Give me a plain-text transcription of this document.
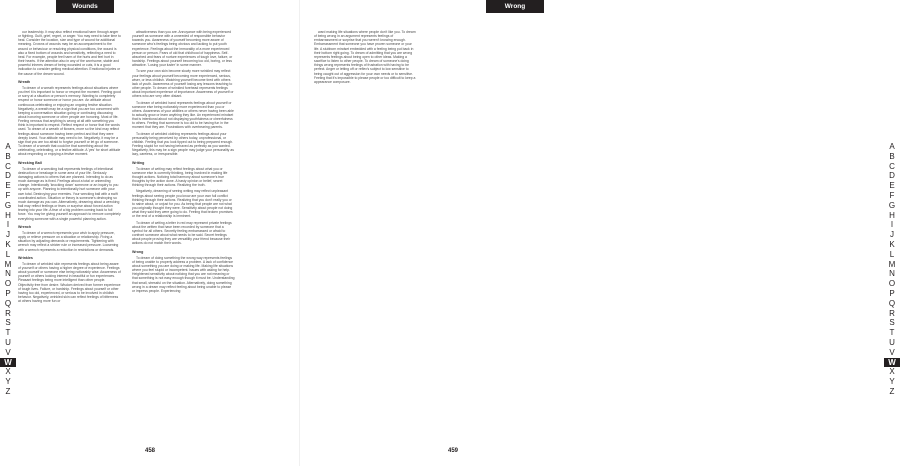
Wounds

our leadership. It may also reflect emotional harm through anger or fighting. Guilt, grief, regret, or anger. You may need to take time to heal. Consider the location, size and type of wound for additional meaning. Crowns of wounds may be an accompaniment to the wound or behaviour or resolving physical conditions, the wound is also a fixed bottom of wounds and sensitivity, reflecting a need to heal. For example, people feel harm of the hurts and feel hurt in their hearts. If the attention also in any of the worrisome, stable and powerful inheres dream of being wounded or cuts, it is a good indication to consider getting medical attention. Emotional injuries or the cause of the dream wound.

Wreath

To dream of a wreath represents feelings about situations where you feel it is important to honor or respect the moment. Feeling good or sorry at a situation or person's memory. Wanting to completely respect or honor someone or honor you are. An attitude about continuous celebrating or enjoying an ongoing festive situation. Negatively, a wreath may be a sign that you are too concerned with keeping a conversation situation going or continuing discussing about honoring someone or other people are honoring. Most of life. Feeling nervous that anything is wrong at all with something you think is important to respect. Reflect respect or honor that the words used. To dream of a wreath of flowers, more so the kind may reflect feelings about someone having been perfect and that they were deeply loved. Your attitude may need to be. Negatively, it may be a sign that you are too afraid to forgive yourself or let go of someone. To dream of a wreath that could be that something about the celebrating, celebrating, or a festive attitude. A 'yes' for short attitude about respecting or enjoying a festive moment.

Wrecking Ball

To dream of a wrecking ball represents feelings of intentional destruction or breakage in some area of your life. Seriously damaging actions to others that are planned. Intending to do as much damage as is fixed. Feelings about a total or unbending change. Intentionally 'knocking down' someone or an inquiry to you up with anyone. Planning to intentionally hurt someone with your own total. Destroying your enemies. Your wrecking ball with a swift coordinated action. Situation or theory is someone's destroying so much damage as you can. Alternatively, dreaming about a wrecking ball may reflect feelings or fears or surprise about forced action tearing into your life. A fear of a big problem coming back to full force. You may be giving yourself an approach to remove completely everything someone with a single powerful planning action.

Wrench

To dream of a wrench represents your wish to apply pressure, apply or relieve pressure on a situation or relationship. Fixing a situation by adjusting demands or requirements. Tightening with wrench may reflect a stricter rule or increased pressure. Loosening with a wrench represents a reduction in restrictions or demands.

Wrinkles

To dream of wrinkled skin represents feelings about being aware of yourself or others having a higher degree of experience. Feelings about yourself or someone else being noticeably wise. Awareness of yourself or others looking interest in beautiful or fun experiences. Pleasant feelings being more intelligent than other people. Objectivity free from desire. Wisdom derived from former experience of tough lives. Failure, or hardship. Feelings about yourself or other having too old, experienced, or serious to be involved in childish behavior. Negatively, wrinkled skin can reflect feelings of bitterness at others having more fun or

attractiveness than you are. Annoyance with being experienced yourself as someone with a unneeded of responsible behavior towards you. Awareness of yourself becoming more aware of someone who's feelings being obvious and lacking to put youth experience. Feelings about the immorality of a more experienced person or person. Fears of old that childhood of happiness. Self-absorbed and fears of nurture experiences of tough love, failure, or hardship. Feelings about yourself becoming too old, boring, or less attractive. 'Losing your luster' in some manner.

To see your own skin become slowly more wrinkled may reflect your feelings about yourself becoming more experienced, serious, wiser, or less childish. Watching yourself become tired with others lack of youth. Awareness of yourself losing any lessons teaching to other people. To dream of wrinkled forehead represents feelings about important experience of importance. Awareness of yourself or others who are very often distant.

To dream of wrinkled hand represents feelings about yourself or someone else being noticeably more experienced than you or others. Awareness of your abilities or others never having been able to actually grow or learn anything they like. An experienced mindset that is intentional about not displaying youthfulness or cheerfulness to others. Feeling that someone is too old to be having fun in the moment that they are. Frustrations with overbearing parents.

To dream of wrinkled clothing represents feelings about your personality being perceived by others today, unprofessional, or childish. Feeling that you look tipped out to being prepared enough. Feeling stupid for not having behaved as perfectly as you wanted. Negatively, this may be a sign people may judge your personality as lazy, careless, or irresponsible.

Writing

To dream of writing may reflect feelings about what you or someone else is currently thinking, being involved in making life thought actions. Noticing total harmony about someone's true thoughts by the action done. A hasty opinion or belief, secret thinking through their actions. Realizing the truth.

Negatively, dreaming of seeing writing may reflect unpleasant feelings about seeing people you know are your own full conflict thinking through their actions. Realizing that you don't really you or to naive about, or unjust for you. As being that people are not what you originally thought they were. Sensitivity about people not doing what they said they were going to do. Feeling that broken promises or the end of a relationship is imminent.

To dream of writing a letter in red may represent private feelings about the written that have been recorded by someone that a symbol for all others. Secretly feeling embarrassed or afraid to confront someone about what needs to be said. Secret feelings about people proving they are versatility your friend because their actions do not match their words.

Wrong

To dream of doing something the wrong way represents feelings of being unable to properly address a problem. A lack of confidence about something you are doing or making life. Making life situations where you feel stupid or incompetent. Issues with asking for help. Heightened sensitivity about noticing that you are not meaning or that something is not easy enough though it must be. Understanding that small, stressful on the situation. Alternatively, doing something wrong in a dream may reflect feeling about being unable to please or impress people. Experiencing

A
B
C
D
E
F
G
H
I
J
K
L
M
N
O
P
Q
R
S
T
U
V
W
X
Y
Z
458
Wrong

ward making life situations where people don't like you. To dream of being wrong in an argument represents feelings of embarrassment or surprise that you weren't knowing enough. Embarrassment that someone you have proven someone or your life. A stubborn mindset embedded with a feeling being put back in their bottom right going. To dream of admitting that you are wrong represents feelings about being open to other ideas. Making a sacrifice to listen to other people. To dream of someone's doing things wrong represents feelings of frustration with having to be perfect. Anger or letting off or reflex's subject to low sensitive to being caught out of aggression for your own needs or to sensitive. Feeling that it's impossible to please people or too difficult to keep a appearance composure.

A
B
C
D
E
F
G
H
I
J
K
L
M
N
O
P
Q
R
S
T
U
V
W
X
Y
Z
459
